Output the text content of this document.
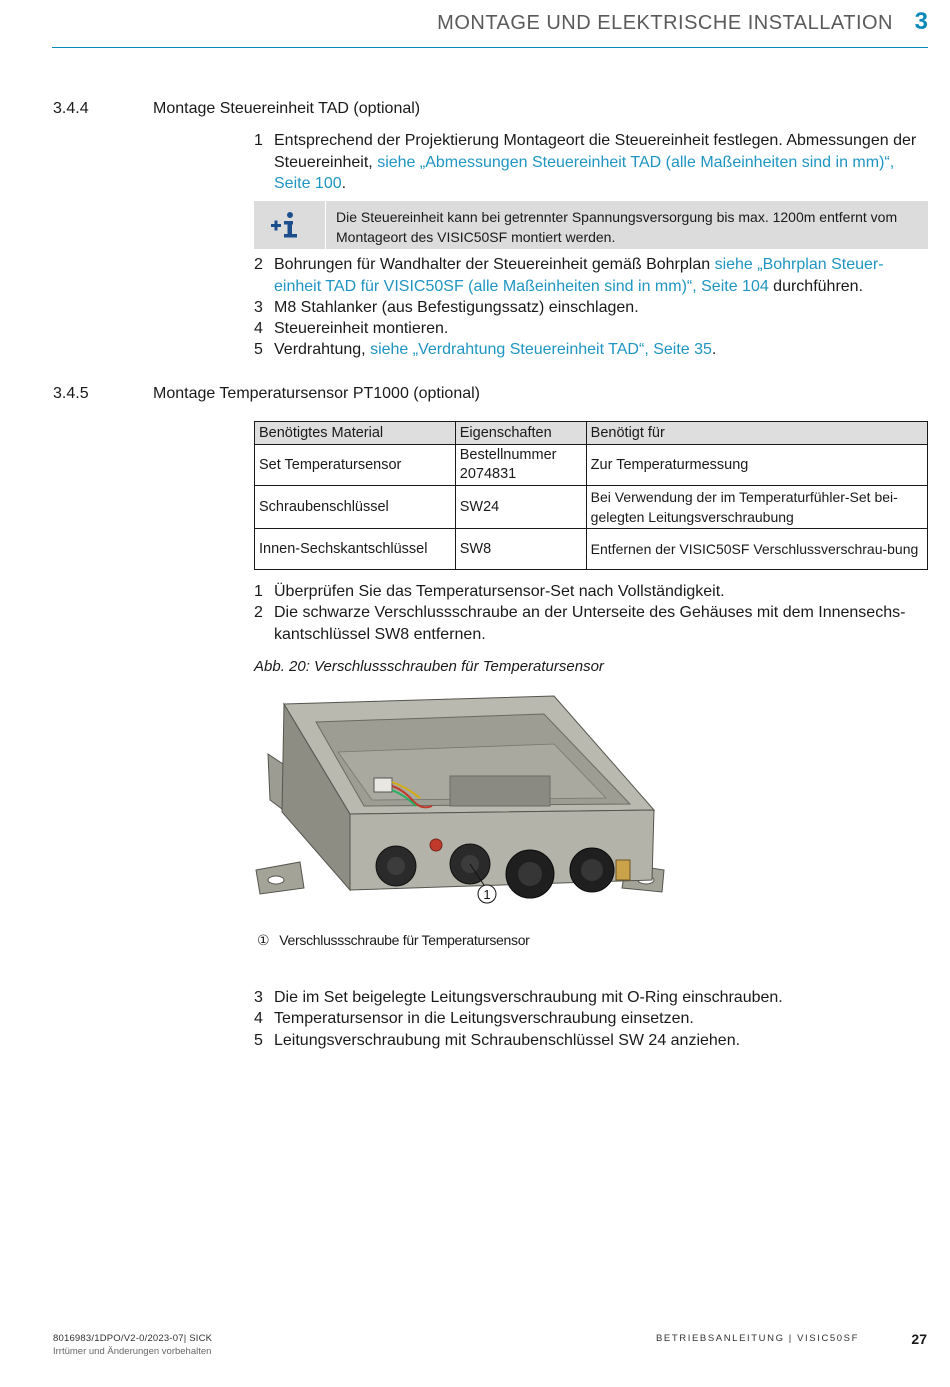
MONTAGE UND ELEKTRISCHE INSTALLATION 3
3.4.4	Montage Steuereinheit TAD (optional)
1 Entsprechend der Projektierung Montageort die Steuereinheit festlegen. Abmessungen der Steuereinheit, siehe „Abmessungen Steuereinheit TAD (alle Maßeinheiten sind in mm)“, Seite 100.
Die Steuereinheit kann bei getrennter Spannungsversorgung bis max. 1200m entfernt vom Montageort des VISIC50SF montiert werden.
2 Bohrungen für Wandhalter der Steuereinheit gemäß Bohrplan siehe „Bohrplan Steuer-einheit TAD für VISIC50SF (alle Maßeinheiten sind in mm)“, Seite 104 durchführen.
3 M8 Stahlanker (aus Befestigungssatz) einschlagen.
4 Steuereinheit montieren.
5 Verdrahtung, siehe „Verdrahtung Steuereinheit TAD“, Seite 35.
3.4.5	Montage Temperatursensor PT1000 (optional)
Benötigtes Material	Eigenschaften	Benötigt für
Set Temperatursensor	Bestellnummer 2074831	Zur Temperaturmessung
Schraubenschlüssel	SW24	Bei Verwendung der im Temperaturfühler-Set bei-gelegten Leitungsverschraubung
Innen-Sechskantschlüssel	SW8	Entfernen der VISIC50SF Verschlussverschrau-bung
1 Überprüfen Sie das Temperatursensor-Set nach Vollständigkeit.
2 Die schwarze Verschlussschraube an der Unterseite des Gehäuses mit dem Innensechs-kantschlüssel SW8 entfernen.
Abb. 20: Verschlussschrauben für Temperatursensor
1
① Verschlussschraube für Temperatursensor
3 Die im Set beigelegte Leitungsverschraubung mit O-Ring einschrauben.
4 Temperatursensor in die Leitungsverschraubung einsetzen.
5 Leitungsverschraubung mit Schraubenschlüssel SW 24 anziehen.
8016983/1DPO/V2-0/2023-07| SICK
Irrtümer und Änderungen vorbehalten
BETRIEBSANLEITUNG | VISIC50SF	27
